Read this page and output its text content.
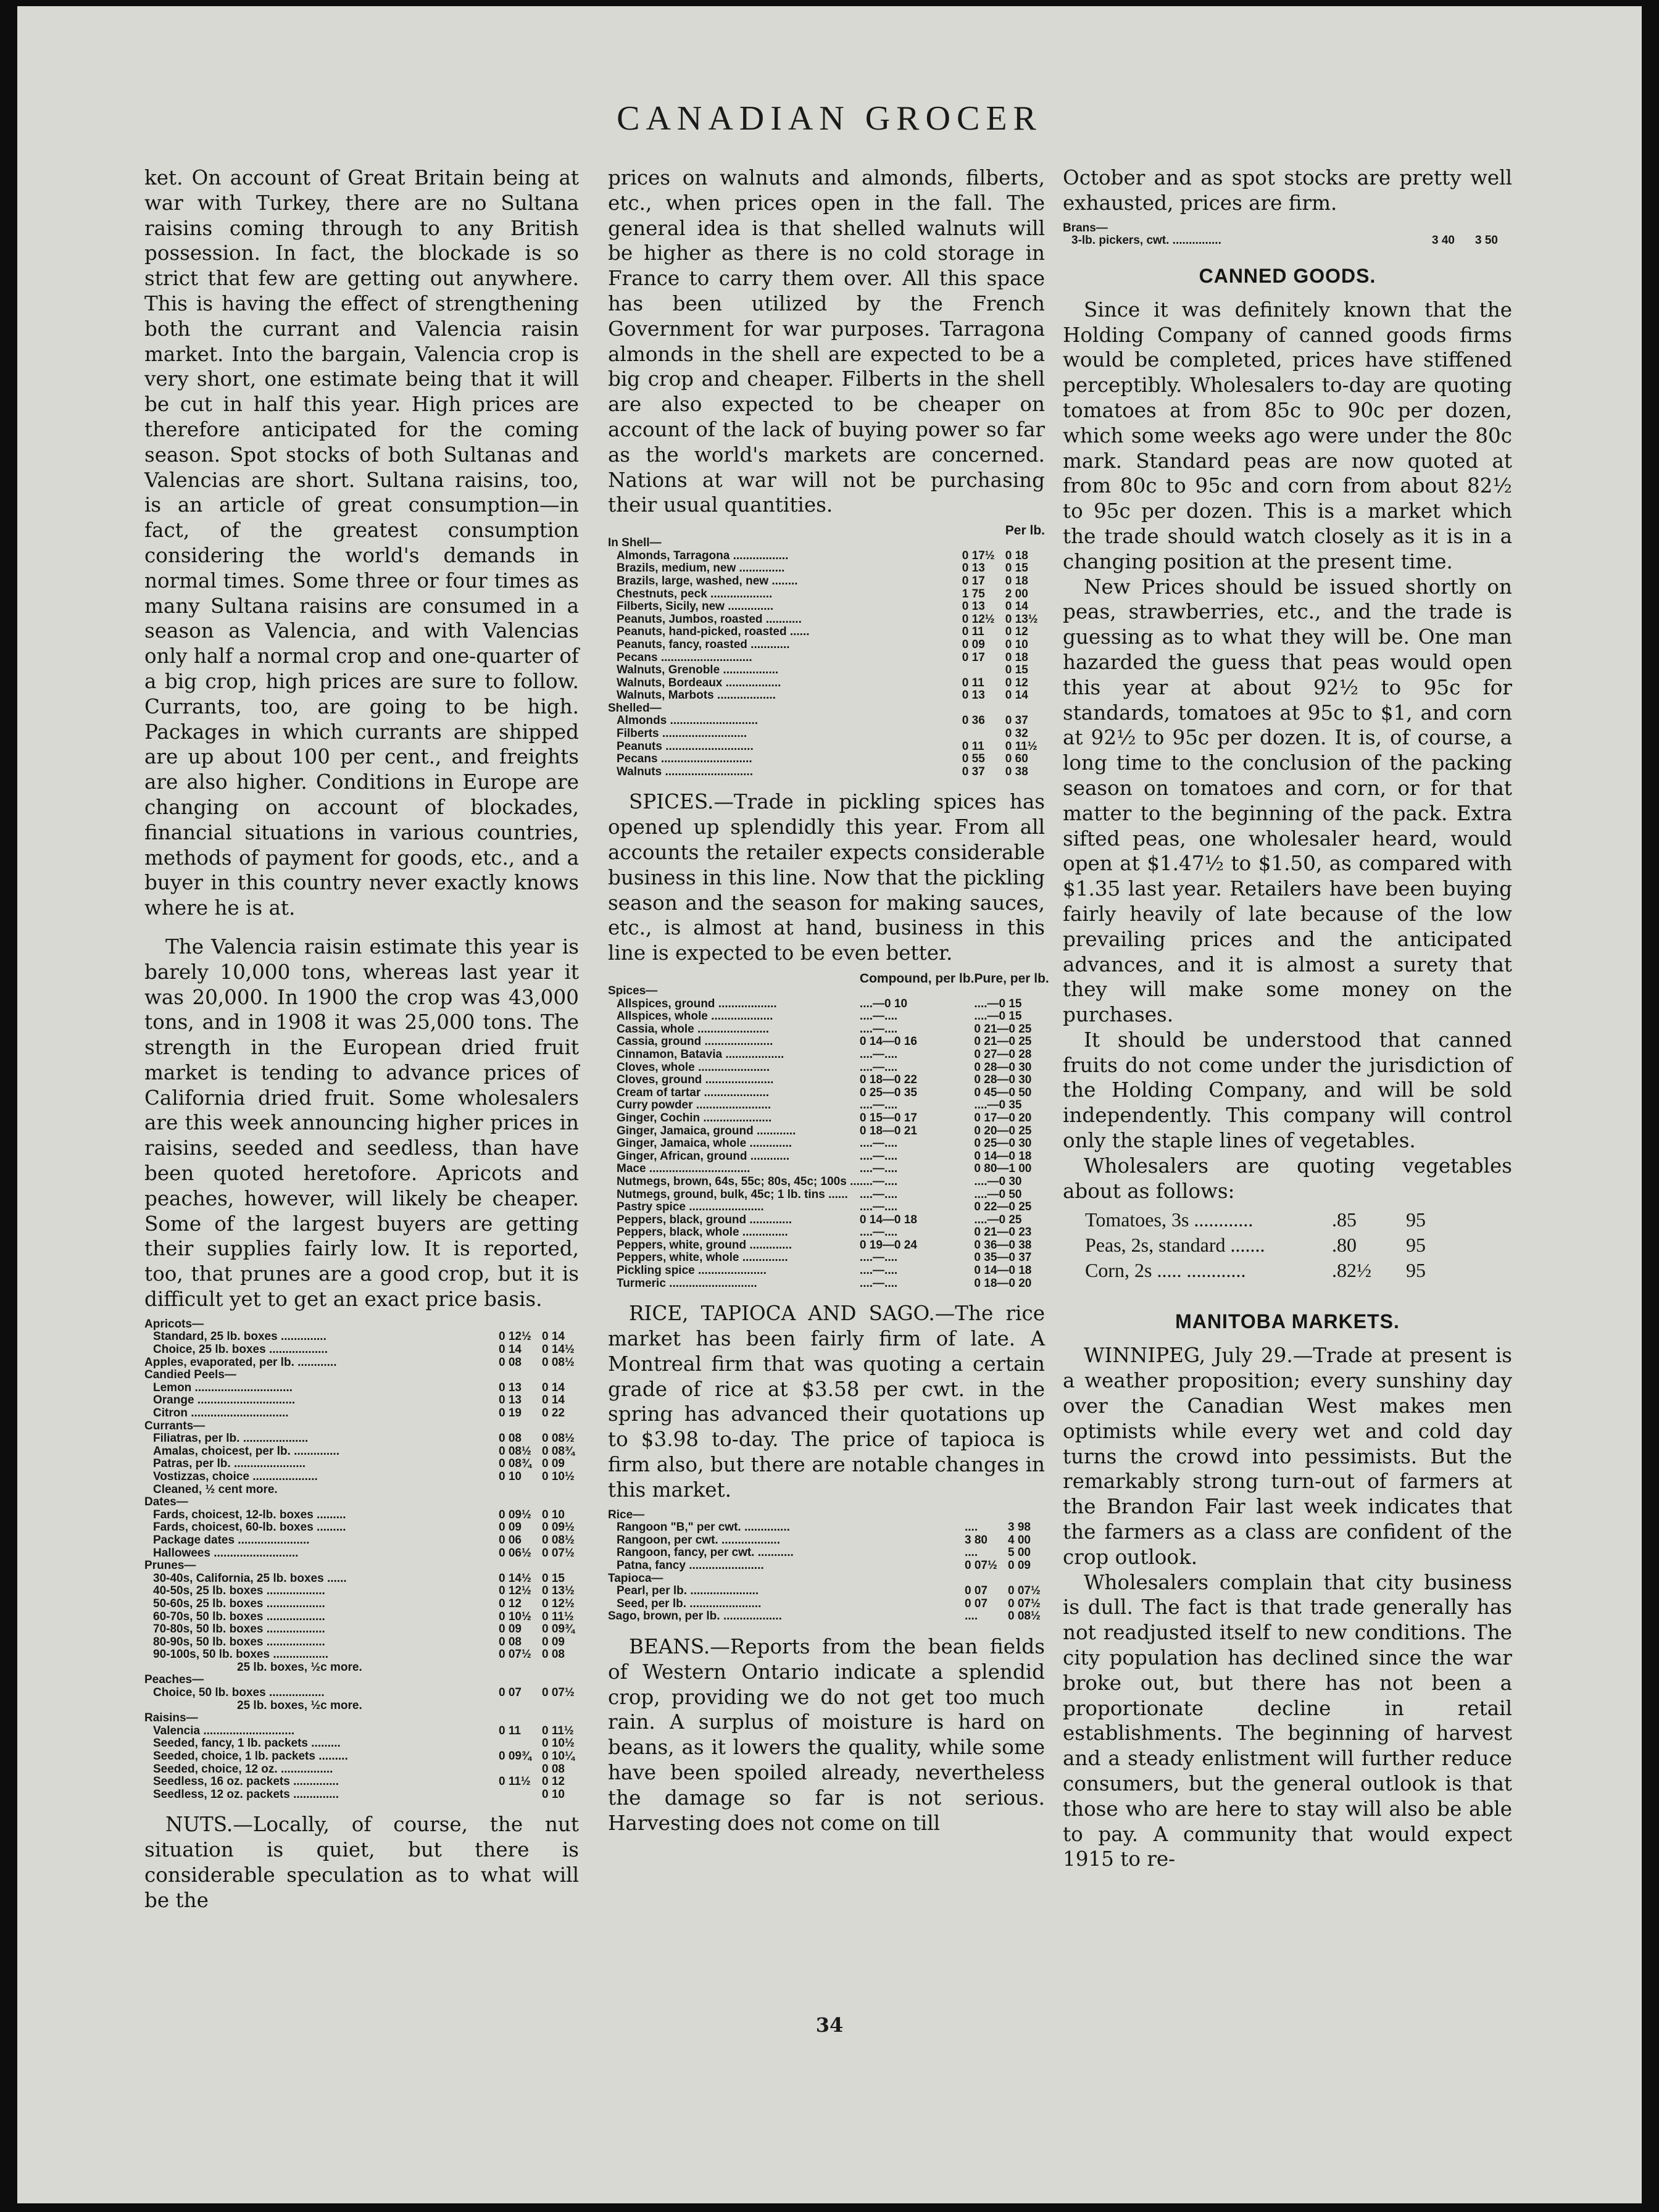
CANADIAN GROCER

ket. On account of Great Britain being at war with Turkey, there are no Sultana raisins coming through to any British possession. In fact, the blockade is so strict that few are getting out anywhere. This is having the effect of strengthening both the currant and Valencia raisin market. Into the bargain, Valencia crop is very short, one estimate being that it will be cut in half this year. High prices are therefore anticipated for the coming season. Spot stocks of both Sultanas and Valencias are short. Sultana raisins, too, is an article of great consumption—in fact, of the greatest consumption considering the world's demands in normal times. Some three or four times as many Sultana raisins are consumed in a season as Valencia, and with Valencias only half a normal crop and one-quarter of a big crop, high prices are sure to follow. Currants, too, are going to be high. Packages in which currants are shipped are up about 100 per cent., and freights are also higher. Conditions in Europe are changing on account of blockades, financial situations in various countries, methods of payment for goods, etc., and a buyer in this country never exactly knows where he is at.

The Valencia raisin estimate this year is barely 10,000 tons, whereas last year it was 20,000. In 1900 the crop was 43,000 tons, and in 1908 it was 25,000 tons. The strength in the European dried fruit market is tending to advance prices of California dried fruit. Some wholesalers are this week announcing higher prices in raisins, seeded and seedless, than have been quoted heretofore. Apricots and peaches, however, will likely be cheaper. Some of the largest buyers are getting their supplies fairly low. It is reported, too, that prunes are a good crop, but it is difficult yet to get an exact price basis.

Apricots—		
Standard, 25 lb. boxes ..............	0 12½	0 14
Choice, 25 lb. boxes ..................	0 14	0 14½
Apples, evaporated, per lb. ............	0 08	0 08½
Candied Peels—		
Lemon ..............................	0 13	0 14
Orange ..............................	0 13	0 14
Citron ..............................	0 19	0 22
Currants—		
Filiatras, per lb. ....................	0 08	0 08½
Amalas, choicest, per lb. ..............	0 08½	0 08¾
Patras, per lb. ......................	0 08¾	0 09
Vostizzas, choice ....................	0 10	0 10½
Cleaned, ½ cent more.		
Dates—		
Fards, choicest, 12-lb. boxes .........	0 09½	0 10
Fards, choicest, 60-lb. boxes .........	0 09	0 09½
Package dates ......................	0 06	0 08½
Hallowees ..........................	0 06½	0 07½
Prunes—		
30-40s, California, 25 lb. boxes ......	0 14½	0 15
40-50s, 25 lb. boxes ..................	0 12½	0 13½
50-60s, 25 lb. boxes ..................	0 12	0 12½
60-70s, 50 lb. boxes ..................	0 10½	0 11½
70-80s, 50 lb. boxes ..................	0 09	0 09¾
80-90s, 50 lb. boxes ..................	0 08	0 09
90-100s, 50 lb. boxes .................	0 07½	0 08
25 lb. boxes, ½c more.		
Peaches—		
Choice, 50 lb. boxes .................	0 07	0 07½
25 lb. boxes, ½c more.		
Raisins—		
Valencia ............................	0 11	0 11½
Seeded, fancy, 1 lb. packets .........		0 10½
Seeded, choice, 1 lb. packets .........	0 09¾	0 10¼
Seeded, choice, 12 oz. ................		0 08
Seedless, 16 oz. packets ..............	0 11½	0 12
Seedless, 12 oz. packets ..............		0 10

NUTS.—Locally, of course, the nut situation is quiet, but there is considerable speculation as to what will be the

prices on walnuts and almonds, filberts, etc., when prices open in the fall. The general idea is that shelled walnuts will be higher as there is no cold storage in France to carry them over. All this space has been utilized by the French Government for war purposes. Tarragona almonds in the shell are expected to be a big crop and cheaper. Filberts in the shell are also expected to be cheaper on account of the lack of buying power so far as the world's markets are concerned. Nations at war will not be purchasing their usual quantities.

		Per lb.
In Shell—		
Almonds, Tarragona .................	0 17½	0 18
Brazils, medium, new ..............	0 13	0 15
Brazils, large, washed, new ........	0 17	0 18
Chestnuts, peck ...................	1 75	2 00
Filberts, Sicily, new ..............	0 13	0 14
Peanuts, Jumbos, roasted ...........	0 12½	0 13½
Peanuts, hand-picked, roasted ......	0 11	0 12
Peanuts, fancy, roasted ............	0 09	0 10
Pecans ............................	0 17	0 18
Walnuts, Grenoble .................		0 15
Walnuts, Bordeaux .................	0 11	0 12
Walnuts, Marbots ..................	0 13	0 14
Shelled—		
Almonds ...........................	0 36	0 37
Filberts ..........................		0 32
Peanuts ...........................	0 11	0 11½
Pecans ............................	0 55	0 60
Walnuts ...........................	0 37	0 38

SPICES.—Trade in pickling spices has opened up splendidly this year. From all accounts the retailer expects considerable business in this line. Now that the pickling season and the season for making sauces, etc., is almost at hand, business in this line is expected to be even better.

	Compound, per lb.	Pure, per lb.
Spices—		
Allspices, ground ..................	....—0 10	....—0 15
Allspices, whole ...................	....—....	....—0 15
Cassia, whole ......................	....—....	0 21—0 25
Cassia, ground .....................	0 14—0 16	0 21—0 25
Cinnamon, Batavia ..................	....—....	0 27—0 28
Cloves, whole ......................	....—....	0 28—0 30
Cloves, ground .....................	0 18—0 22	0 28—0 30
Cream of tartar ....................	0 25—0 35	0 45—0 50
Curry powder .......................	....—....	....—0 35
Ginger, Cochin .....................	0 15—0 17	0 17—0 20
Ginger, Jamaica, ground ............	0 18—0 21	0 20—0 25
Ginger, Jamaica, whole .............	....—....	0 25—0 30
Ginger, African, ground ............	....—....	0 14—0 18
Mace ...............................	....—....	0 80—1 00
Nutmegs, brown, 64s, 55c; 80s, 45c; 100s ...	....—....	....—0 30
Nutmegs, ground, bulk, 45c; 1 lb. tins ......	....—....	....—0 50
Pastry spice .......................	....—....	0 22—0 25
Peppers, black, ground .............	0 14—0 18	....—0 25
Peppers, black, whole ..............	....—....	0 21—0 23
Peppers, white, ground .............	0 19—0 24	0 36—0 38
Peppers, white, whole ..............	....—....	0 35—0 37
Pickling spice .....................	....—....	0 14—0 18
Turmeric ...........................	....—....	0 18—0 20

RICE, TAPIOCA AND SAGO.—The rice market has been fairly firm of late. A Montreal firm that was quoting a certain grade of rice at $3.58 per cwt. in the spring has advanced their quotations up to $3.98 to-day. The price of tapioca is firm also, but there are notable changes in this market.

Rice—		
Rangoon "B," per cwt. ..............	....	3 98
Rangoon, per cwt. ..................	3 80	4 00
Rangoon, fancy, per cwt. ...........	....	5 00
Patna, fancy .......................	0 07½	0 09
Tapioca—		
Pearl, per lb. .....................	0 07	0 07½
Seed, per lb. ......................	0 07	0 07½
Sago, brown, per lb. ..................	....	0 08½

BEANS.—Reports from the bean fields of Western Ontario indicate a splendid crop, providing we do not get too much rain. A surplus of moisture is hard on beans, as it lowers the quality, while some have been spoiled already, nevertheless the damage so far is not serious. Harvesting does not come on till

October and as spot stocks are pretty well exhausted, prices are firm.

Brans—		
3-lb. pickers, cwt. ...............	3 40	3 50
CANNED GOODS.

Since it was definitely known that the Holding Company of canned goods firms would be completed, prices have stiffened perceptibly. Wholesalers to-day are quoting tomatoes at from 85c to 90c per dozen, which some weeks ago were under the 80c mark. Standard peas are now quoted at from 80c to 95c and corn from about 82½ to 95c per dozen. This is a market which the trade should watch closely as it is in a changing position at the present time.

New Prices should be issued shortly on peas, strawberries, etc., and the trade is guessing as to what they will be. One man hazarded the guess that peas would open this year at about 92½ to 95c for standards, tomatoes at 95c to $1, and corn at 92½ to 95c per dozen. It is, of course, a long time to the conclusion of the packing season on tomatoes and corn, or for that matter to the beginning of the pack. Extra sifted peas, one wholesaler heard, would open at $1.47½ to $1.50, as compared with $1.35 last year. Retailers have been buying fairly heavily of late because of the low prevailing prices and the anticipated advances, and it is almost a surety that they will make some money on the purchases.

It should be understood that canned fruits do not come under the jurisdiction of the Holding Company, and will be sold independently. This company will control only the staple lines of vegetables.

Wholesalers are quoting vegetables about as follows:

Tomatoes, 3s ............	.85	95
Peas, 2s, standard .......	.80	95
Corn, 2s ..... ............	.82½	95
MANITOBA MARKETS.

WINNIPEG, July 29.—Trade at present is a weather proposition; every sunshiny day over the Canadian West makes men optimists while every wet and cold day turns the crowd into pessimists. But the remarkably strong turn-out of farmers at the Brandon Fair last week indicates that the farmers as a class are confident of the crop outlook.

Wholesalers complain that city business is dull. The fact is that trade generally has not readjusted itself to new conditions. The city population has declined since the war broke out, but there has not been a proportionate decline in retail establishments. The beginning of harvest and a steady enlistment will further reduce consumers, but the general outlook is that those who are here to stay will also be able to pay. A community that would expect 1915 to re-

34
